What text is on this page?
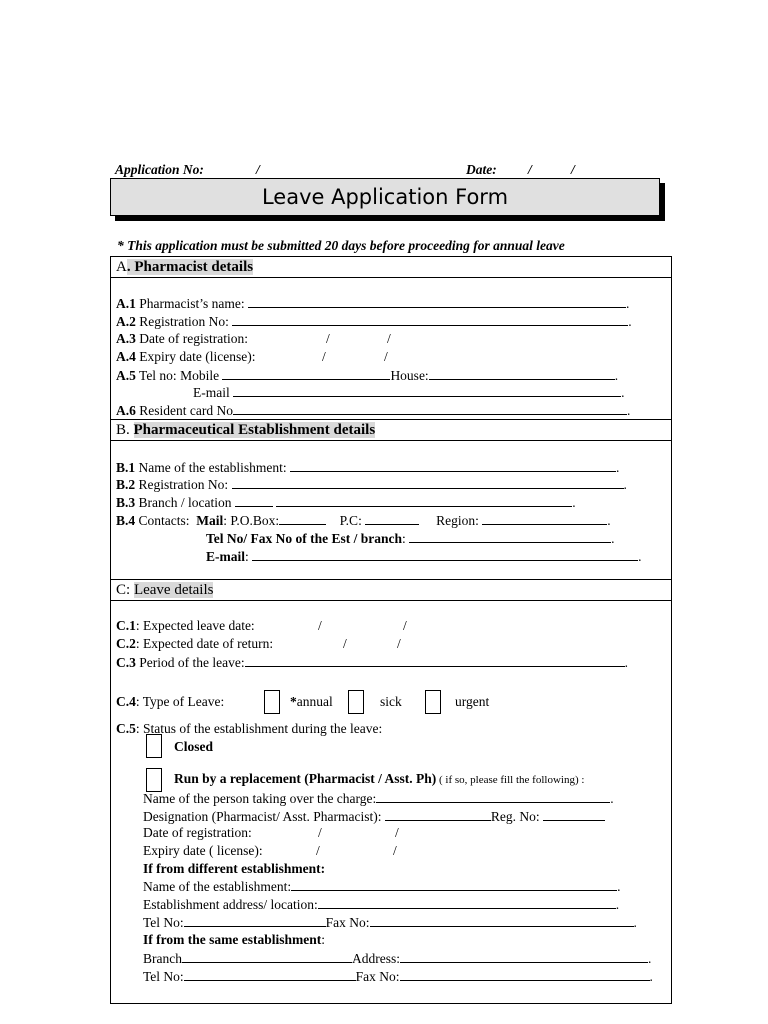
Application No:	/	Date: /	/
Leave Application Form
* This application must be submitted 20 days before proceeding for annual leave
A. Pharmacist details
A.1 Pharmacist’s name:	.
A.2 Registration No:	.
A.3 Date of registration:	/	/
A.4 Expiry date (license):	/	/
A.5 Tel no: Mobile	House:	.
E-mail	.
A.6 Resident card No	.
B. Pharmaceutical Establishment details
B.1 Name of the establishment:	.
B.2 Registration No:	.
B.3 Branch / location	.
B.4 Contacts: Mail: P.O.Box:	P.C:	Region:	.
Tel No/ Fax No of the Est / branch:	.
E-mail:	.
C: Leave details
C.1: Expected leave date:	/	/
C.2: Expected date of return:	/	/
C.3 Period of the leave:	.
C.4: Type of Leave:	*annual	sick	urgent
C.5: Status of the establishment during the leave:
Closed
Run by a replacement (Pharmacist / Asst. Ph) ( if so, please fill the following) :
Name of the person taking over the charge:	.
Designation (Pharmacist/ Asst. Pharmacist):	Reg. No:
Date of registration:	/	/
Expiry date ( license):	/	/
If from different establishment:
Name of the establishment:	.
Establishment address/ location:	.
Tel No:	Fax No:	.
If from the same establishment:
Branch	Address:	.
Tel No:	Fax No:	.
